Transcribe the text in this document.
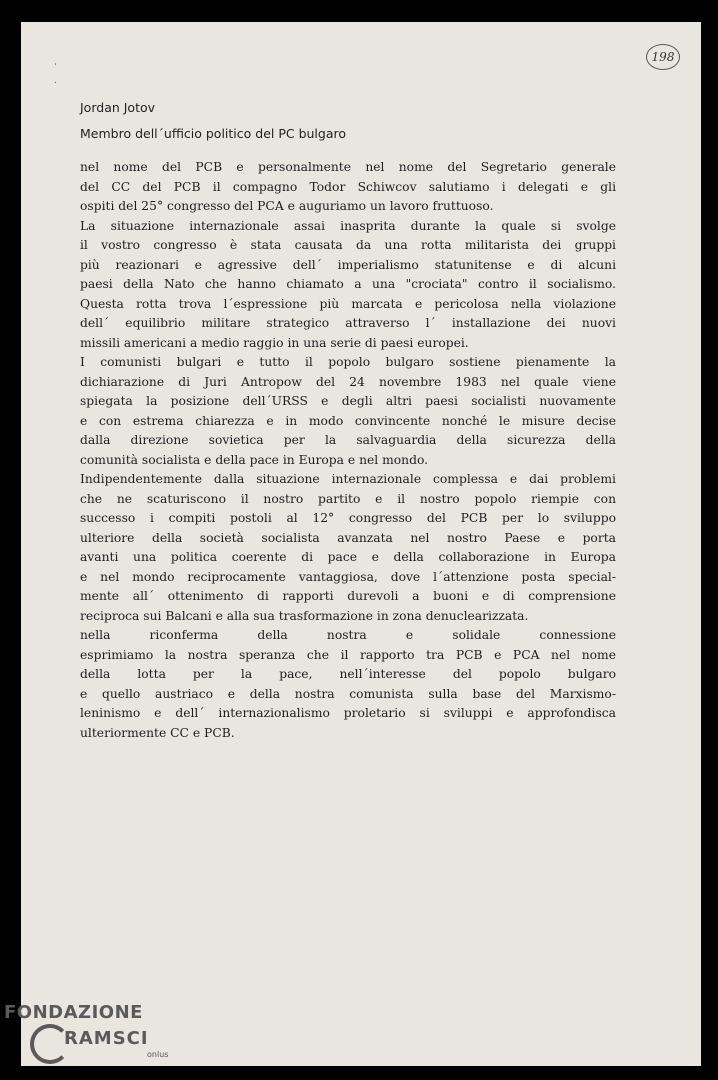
'
·
198
Jordan Jotov
Membro dell´ufficio politico del PC bulgaro
nel nome del PCB e personalmente nel nome del Segretario generale
del CC del PCB il compagno Todor Schiwcov salutiamo i delegati e gli
ospiti del 25° congresso del PCA e auguriamo un lavoro fruttuoso.
La situazione internazionale assai inasprita durante la quale si svolge
il vostro congresso è stata causata da una rotta militarista dei gruppi
più reazionari e agressive dell´ imperialismo statunitense e di alcuni
paesi della Nato che hanno chiamato a una "crociata" contro il socialismo.
Questa rotta trova l´espressione più marcata e pericolosa nella violazione
dell´ equilibrio militare strategico attraverso l´ installazione dei nuovi
missili americani a medio raggio in una serie di paesi europei.
I comunisti bulgari e tutto il popolo bulgaro sostiene pienamente la
dichiarazione di Juri Antropow del 24 novembre 1983 nel quale viene
spiegata la posizione dell´URSS e degli altri paesi socialisti nuovamente
e con estrema chiarezza e in modo convincente nonché le misure decise
dalla direzione sovietica per la salvaguardia della sicurezza della
comunità socialista e della pace in Europa e nel mondo.
Indipendentemente dalla situazione internazionale complessa e dai problemi
che ne scaturiscono il nostro partito e il nostro popolo riempie con
successo i compiti postoli al 12° congresso del PCB per lo sviluppo
ulteriore della società socialista avanzata nel nostro Paese e porta
avanti una politica coerente di pace e della collaborazione in Europa
e nel mondo reciprocamente vantaggiosa, dove l´attenzione posta special-
mente all´ ottenimento di rapporti durevoli a buoni e di comprensione
reciproca sui Balcani e alla sua trasformazione in zona denuclearizzata.
nella riconferma della nostra e solidale connessione
esprimiamo la nostra speranza che il rapporto tra PCB e PCA nel nome
della lotta per la pace, nell´interesse del popolo bulgaro
e quello austriaco e della nostra comunista sulla base del Marxismo-
leninismo e dell´ internazionalismo proletario si sviluppi e approfondisca
ulteriormente CC e PCB.
FONDAZIONE
RAMSCI
onlus
